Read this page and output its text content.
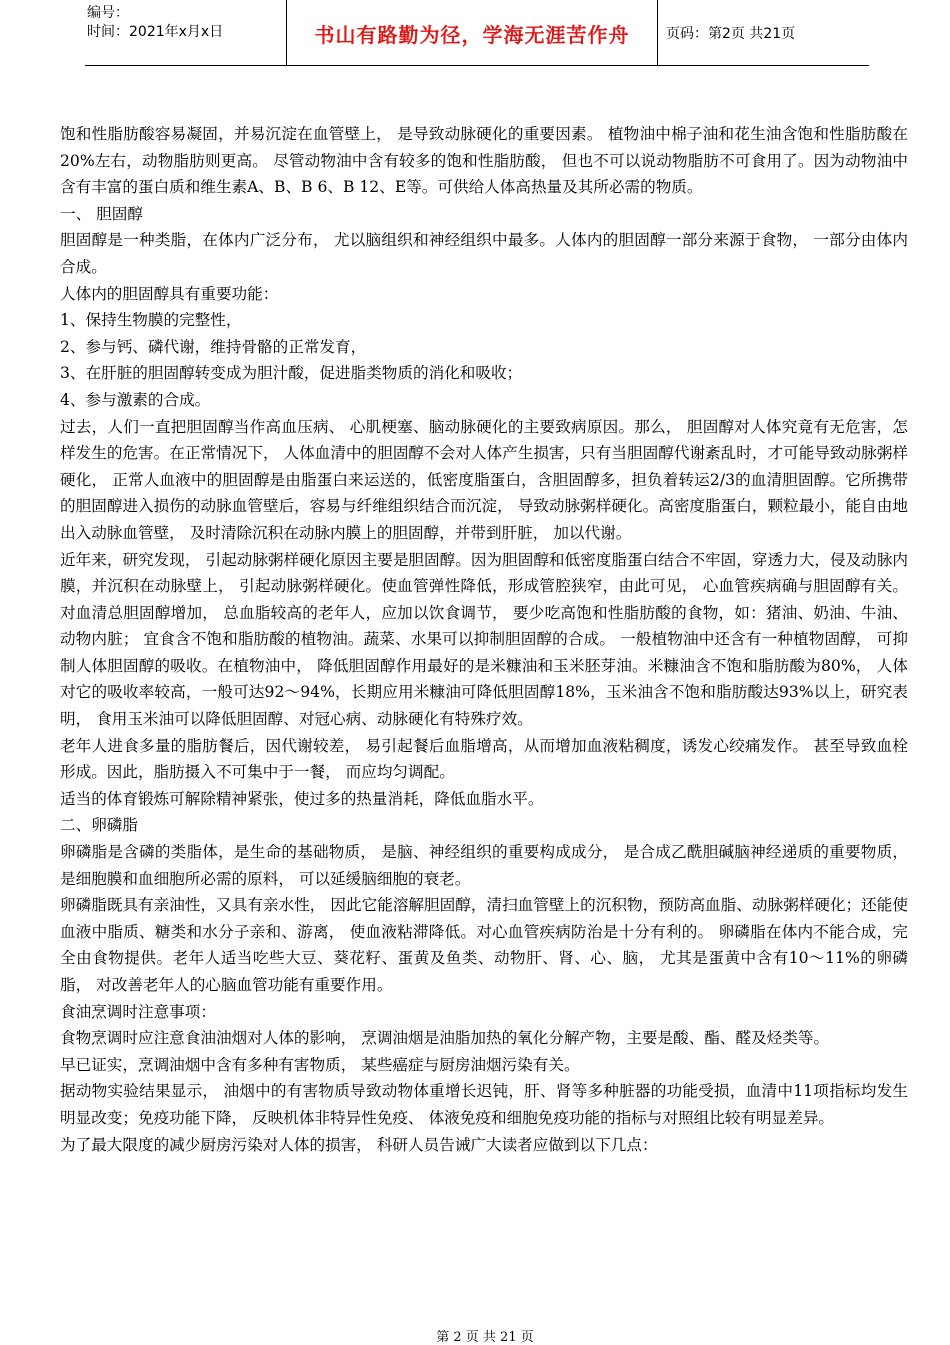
编号：
时间：2021年x月x日	书山有路勤为径，学海无涯苦作舟	页码：第2页 共21页

饱和性脂肪酸容易凝固，并易沉淀在血管壁上， 是导致动脉硬化的重要因素。 植物油中棉子油和花生油含饱和性脂肪酸在20%左右，动物脂肪则更高。 尽管动物油中含有较多的饱和性脂肪酸， 但也不可以说动物脂肪不可食用了。因为动物油中含有丰富的蛋白质和维生素A、B、B 6、B 12、E等。可供给人体高热量及其所必需的物质。

一、 胆固醇

胆固醇是一种类脂，在体内广泛分布， 尤以脑组织和神经组织中最多。人体内的胆固醇一部分来源于食物， 一部分由体内合成。

人体内的胆固醇具有重要功能：

1、保持生物膜的完整性，

2、参与钙、磷代谢，维持骨骼的正常发育，

3、在肝脏的胆固醇转变成为胆汁酸，促进脂类物质的消化和吸收；

4、参与激素的合成。

过去，人们一直把胆固醇当作高血压病、 心肌梗塞、脑动脉硬化的主要致病原因。那么， 胆固醇对人体究竟有无危害，怎样发生的危害。在正常情况下， 人体血清中的胆固醇不会对人体产生损害，只有当胆固醇代谢紊乱时，才可能导致动脉粥样硬化， 正常人血液中的胆固醇是由脂蛋白来运送的，低密度脂蛋白，含胆固醇多，担负着转运2/3的血清胆固醇。它所携带的胆固醇进入损伤的动脉血管壁后，容易与纤维组织结合而沉淀， 导致动脉粥样硬化。高密度脂蛋白，颗粒最小，能自由地出入动脉血管壁， 及时清除沉积在动脉内膜上的胆固醇，并带到肝脏， 加以代谢。

近年来，研究发现， 引起动脉粥样硬化原因主要是胆固醇。因为胆固醇和低密度脂蛋白结合不牢固，穿透力大，侵及动脉内膜，并沉积在动脉壁上， 引起动脉粥样硬化。使血管弹性降低，形成管腔狭窄，由此可见， 心血管疾病确与胆固醇有关。对血清总胆固醇增加， 总血脂较高的老年人，应加以饮食调节， 要少吃高饱和性脂肪酸的食物，如：猪油、奶油、牛油、动物内脏； 宜食含不饱和脂肪酸的植物油。蔬菜、水果可以抑制胆固醇的合成。 一般植物油中还含有一种植物固醇， 可抑制人体胆固醇的吸收。在植物油中， 降低胆固醇作用最好的是米糠油和玉米胚芽油。米糠油含不饱和脂肪酸为80%， 人体对它的吸收率较高，一般可达92～94%，长期应用米糠油可降低胆固醇18%，玉米油含不饱和脂肪酸达93%以上，研究表明， 食用玉米油可以降低胆固醇、对冠心病、动脉硬化有特殊疗效。

老年人进食多量的脂肪餐后，因代谢较差， 易引起餐后血脂增高，从而增加血液粘稠度，诱发心绞痛发作。 甚至导致血栓形成。因此，脂肪摄入不可集中于一餐， 而应均匀调配。

适当的体育锻炼可解除精神紧张，使过多的热量消耗，降低血脂水平。

二、卵磷脂

卵磷脂是含磷的类脂体，是生命的基础物质， 是脑、神经组织的重要构成成分， 是合成乙酰胆碱脑神经递质的重要物质，是细胞膜和血细胞所必需的原料， 可以延缓脑细胞的衰老。

卵磷脂既具有亲油性，又具有亲水性， 因此它能溶解胆固醇，清扫血管壁上的沉积物，预防高血脂、动脉粥样硬化；还能使血液中脂质、糖类和水分子亲和、游离， 使血液粘滞降低。对心血管疾病防治是十分有利的。 卵磷脂在体内不能合成，完全由食物提供。老年人适当吃些大豆、葵花籽、蛋黄及鱼类、动物肝、肾、心、脑， 尤其是蛋黄中含有10～11%的卵磷脂， 对改善老年人的心脑血管功能有重要作用。

食油烹调时注意事项：

食物烹调时应注意食油油烟对人体的影响， 烹调油烟是油脂加热的氧化分解产物，主要是酸、酯、醛及烃类等。

早已证实，烹调油烟中含有多种有害物质， 某些癌症与厨房油烟污染有关。

据动物实验结果显示， 油烟中的有害物质导致动物体重增长迟钝，肝、肾等多种脏器的功能受损，血清中11项指标均发生明显改变；免疫功能下降， 反映机体非特异性免疫、 体液免疫和细胞免疫功能的指标与对照组比较有明显差异。

为了最大限度的减少厨房污染对人体的损害， 科研人员告诫广大读者应做到以下几点：

第 2 页 共 21 页
